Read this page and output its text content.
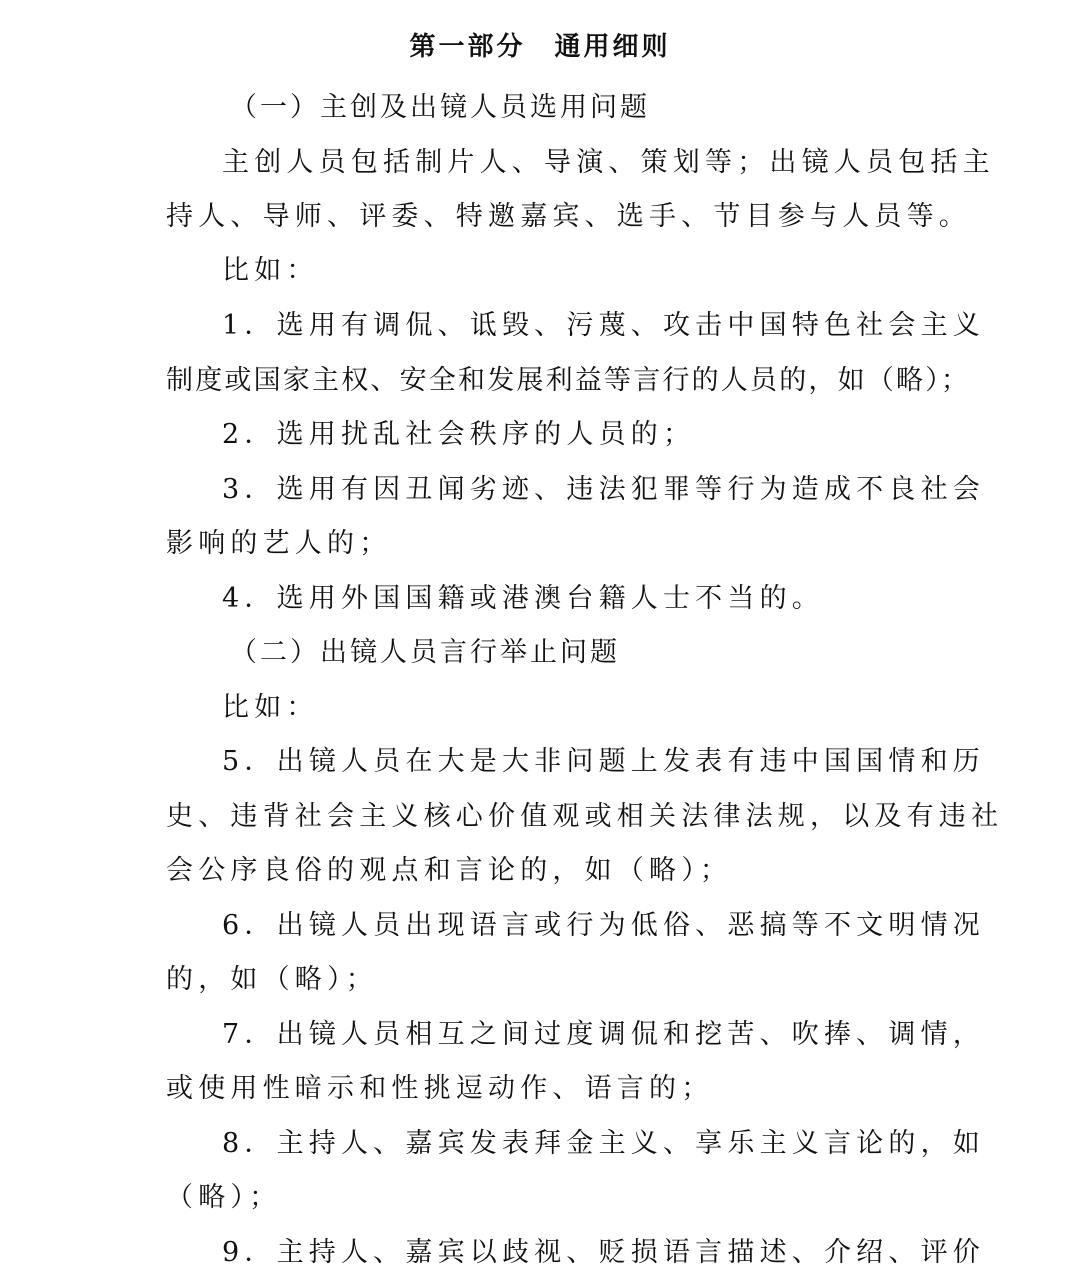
第一部分　通用细则
（一）主创及出镜人员选用问题
主创人员包括制片人、导演、策划等；出镜人员包括主
持人、导师、评委、特邀嘉宾、选手、节目参与人员等。
比如：
1．选用有调侃、诋毁、污蔑、攻击中国特色社会主义
制度或国家主权、安全和发展利益等言行的人员的，如（略）；
2．选用扰乱社会秩序的人员的；
3．选用有因丑闻劣迹、违法犯罪等行为造成不良社会
影响的艺人的；
4．选用外国国籍或港澳台籍人士不当的。
（二）出镜人员言行举止问题
比如：
5．出镜人员在大是大非问题上发表有违中国国情和历
史、违背社会主义核心价值观或相关法律法规，以及有违社
会公序良俗的观点和言论的，如（略）；
6．出镜人员出现语言或行为低俗、恶搞等不文明情况
的，如（略）；
7．出镜人员相互之间过度调侃和挖苦、吹捧、调情，
或使用性暗示和性挑逗动作、语言的；
8．主持人、嘉宾发表拜金主义、享乐主义言论的，如
（略）；
9．主持人、嘉宾以歧视、贬损语言描述、介绍、评价
